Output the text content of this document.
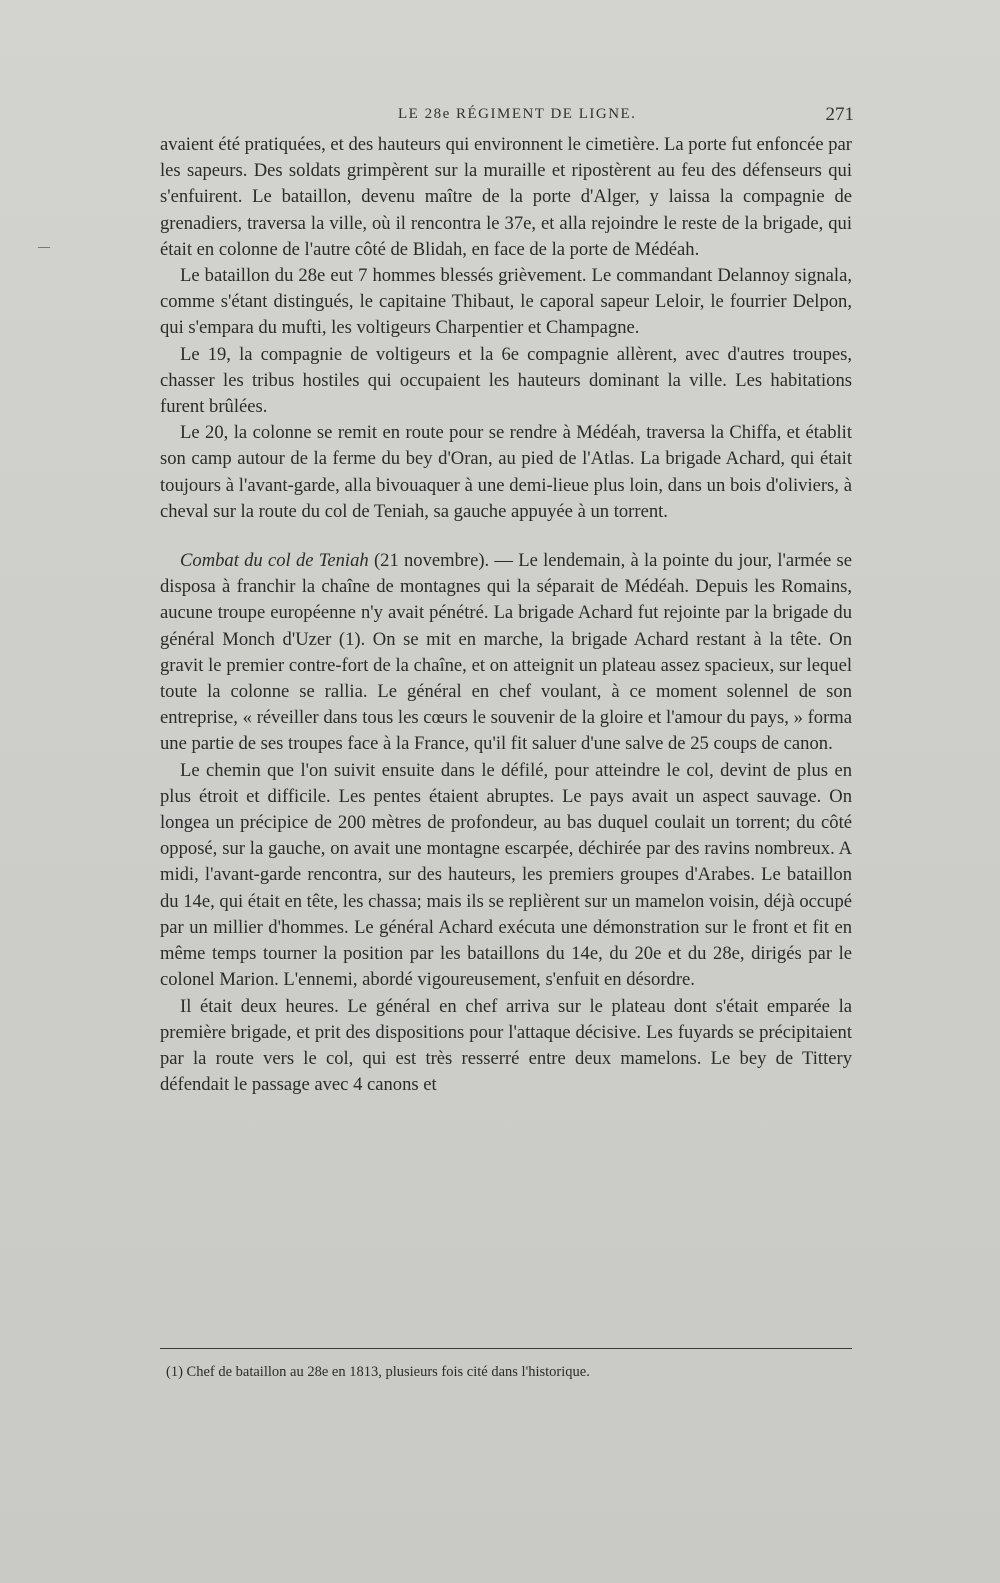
LE 28e RÉGIMENT DE LIGNE.	271

avaient été pratiquées, et des hauteurs qui environnent le cimetière. La porte fut enfoncée par les sapeurs. Des soldats grimpèrent sur la muraille et ripostèrent au feu des défenseurs qui s'enfuirent. Le bataillon, devenu maître de la porte d'Alger, y laissa la compagnie de grenadiers, traversa la ville, où il rencontra le 37e, et alla rejoindre le reste de la brigade, qui était en colonne de l'autre côté de Blidah, en face de la porte de Médéah.

Le bataillon du 28e eut 7 hommes blessés grièvement. Le commandant Delannoy signala, comme s'étant distingués, le capitaine Thibaut, le caporal sapeur Leloir, le fourrier Delpon, qui s'empara du mufti, les voltigeurs Charpentier et Champagne.

Le 19, la compagnie de voltigeurs et la 6e compagnie allèrent, avec d'autres troupes, chasser les tribus hostiles qui occupaient les hauteurs dominant la ville. Les habitations furent brûlées.

Le 20, la colonne se remit en route pour se rendre à Médéah, traversa la Chiffa, et établit son camp autour de la ferme du bey d'Oran, au pied de l'Atlas. La brigade Achard, qui était toujours à l'avant-garde, alla bivouaquer à une demi-lieue plus loin, dans un bois d'oliviers, à cheval sur la route du col de Teniah, sa gauche appuyée à un torrent.

Combat du col de Teniah (21 novembre). — Le lendemain, à la pointe du jour, l'armée se disposa à franchir la chaîne de montagnes qui la séparait de Médéah. Depuis les Romains, aucune troupe européenne n'y avait pénétré. La brigade Achard fut rejointe par la brigade du général Monch d'Uzer (1). On se mit en marche, la brigade Achard restant à la tête. On gravit le premier contre-fort de la chaîne, et on atteignit un plateau assez spacieux, sur lequel toute la colonne se rallia. Le général en chef voulant, à ce moment solennel de son entreprise, « réveiller dans tous les cœurs le souvenir de la gloire et l'amour du pays, » forma une partie de ses troupes face à la France, qu'il fit saluer d'une salve de 25 coups de canon.

Le chemin que l'on suivit ensuite dans le défilé, pour atteindre le col, devint de plus en plus étroit et difficile. Les pentes étaient abruptes. Le pays avait un aspect sauvage. On longea un précipice de 200 mètres de profondeur, au bas duquel coulait un torrent; du côté opposé, sur la gauche, on avait une montagne escarpée, déchirée par des ravins nombreux. A midi, l'avant-garde rencontra, sur des hauteurs, les premiers groupes d'Arabes. Le bataillon du 14e, qui était en tête, les chassa; mais ils se replièrent sur un mamelon voisin, déjà occupé par un millier d'hommes. Le général Achard exécuta une démonstration sur le front et fit en même temps tourner la position par les bataillons du 14e, du 20e et du 28e, dirigés par le colonel Marion. L'ennemi, abordé vigoureusement, s'enfuit en désordre.

Il était deux heures. Le général en chef arriva sur le plateau dont s'était emparée la première brigade, et prit des dispositions pour l'attaque décisive. Les fuyards se précipitaient par la route vers le col, qui est très resserré entre deux mamelons. Le bey de Tittery défendait le passage avec 4 canons et

(1) Chef de bataillon au 28e en 1813, plusieurs fois cité dans l'historique.
